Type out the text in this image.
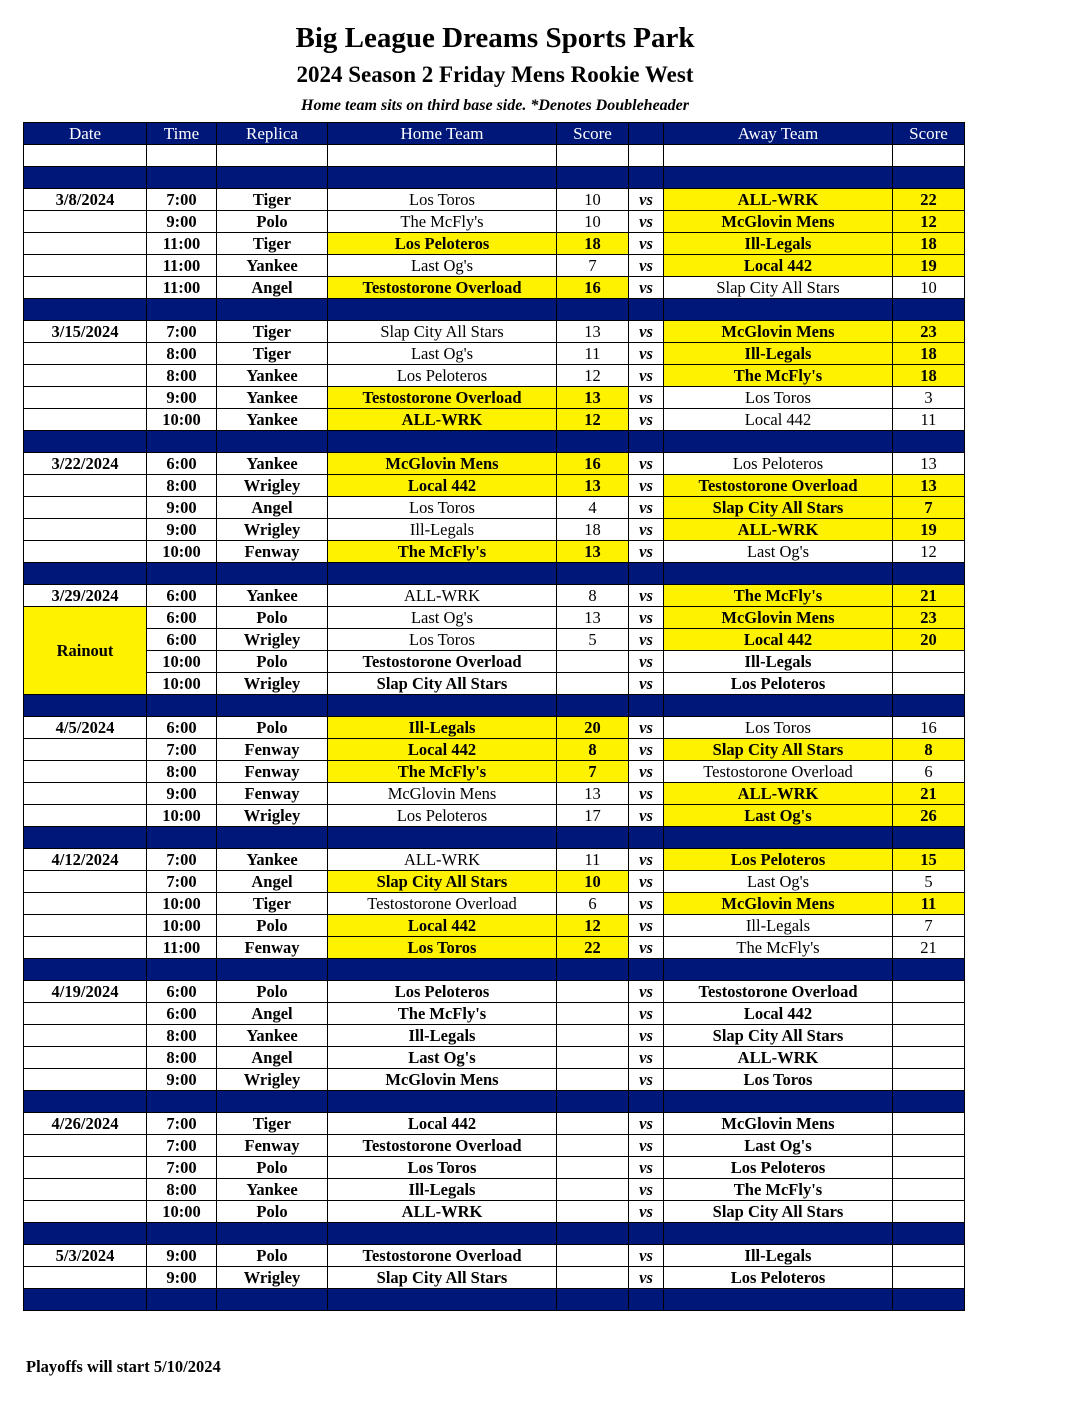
Big League Dreams Sports Park
2024 Season 2 Friday Mens Rookie West
Home team sits on third base side. *Denotes Doubleheader
Date	Time	Replica	Home Team	Score		Away Team	Score

3/8/2024	7:00	Tiger	Los Toros	10	vs	ALL-WRK	22
	9:00	Polo	The McFly's	10	vs	McGlovin Mens	12
	11:00	Tiger	Los Peloteros	18	vs	Ill-Legals	18
	11:00	Yankee	Last Og's	7	vs	Local 442	19
	11:00	Angel	Testostorone Overload	16	vs	Slap City All Stars	10

3/15/2024	7:00	Tiger	Slap City All Stars	13	vs	McGlovin Mens	23
	8:00	Tiger	Last Og's	11	vs	Ill-Legals	18
	8:00	Yankee	Los Peloteros	12	vs	The McFly's	18
	9:00	Yankee	Testostorone Overload	13	vs	Los Toros	3
	10:00	Yankee	ALL-WRK	12	vs	Local 442	11

3/22/2024	6:00	Yankee	McGlovin Mens	16	vs	Los Peloteros	13
	8:00	Wrigley	Local 442	13	vs	Testostorone Overload	13
	9:00	Angel	Los Toros	4	vs	Slap City All Stars	7
	9:00	Wrigley	Ill-Legals	18	vs	ALL-WRK	19
	10:00	Fenway	The McFly's	13	vs	Last Og's	12

3/29/2024	6:00	Yankee	ALL-WRK	8	vs	The McFly's	21
Rainout	6:00	Polo	Last Og's	13	vs	McGlovin Mens	23
	6:00	Wrigley	Los Toros	5	vs	Local 442	20
	10:00	Polo	Testostorone Overload		vs	Ill-Legals	
	10:00	Wrigley	Slap City All Stars		vs	Los Peloteros	

4/5/2024	6:00	Polo	Ill-Legals	20	vs	Los Toros	16
	7:00	Fenway	Local 442	8	vs	Slap City All Stars	8
	8:00	Fenway	The McFly's	7	vs	Testostorone Overload	6
	9:00	Fenway	McGlovin Mens	13	vs	ALL-WRK	21
	10:00	Wrigley	Los Peloteros	17	vs	Last Og's	26

4/12/2024	7:00	Yankee	ALL-WRK	11	vs	Los Peloteros	15
	7:00	Angel	Slap City All Stars	10	vs	Last Og's	5
	10:00	Tiger	Testostorone Overload	6	vs	McGlovin Mens	11
	10:00	Polo	Local 442	12	vs	Ill-Legals	7
	11:00	Fenway	Los Toros	22	vs	The McFly's	21

4/19/2024	6:00	Polo	Los Peloteros		vs	Testostorone Overload	
	6:00	Angel	The McFly's		vs	Local 442	
	8:00	Yankee	Ill-Legals		vs	Slap City All Stars	
	8:00	Angel	Last Og's		vs	ALL-WRK	
	9:00	Wrigley	McGlovin Mens		vs	Los Toros	

4/26/2024	7:00	Tiger	Local 442		vs	McGlovin Mens	
	7:00	Fenway	Testostorone Overload		vs	Last Og's	
	7:00	Polo	Los Toros		vs	Los Peloteros	
	8:00	Yankee	Ill-Legals		vs	The McFly's	
	10:00	Polo	ALL-WRK		vs	Slap City All Stars	

5/3/2024	9:00	Polo	Testostorone Overload		vs	Ill-Legals	
	9:00	Wrigley	Slap City All Stars		vs	Los Peloteros	

Playoffs will start 5/10/2024
